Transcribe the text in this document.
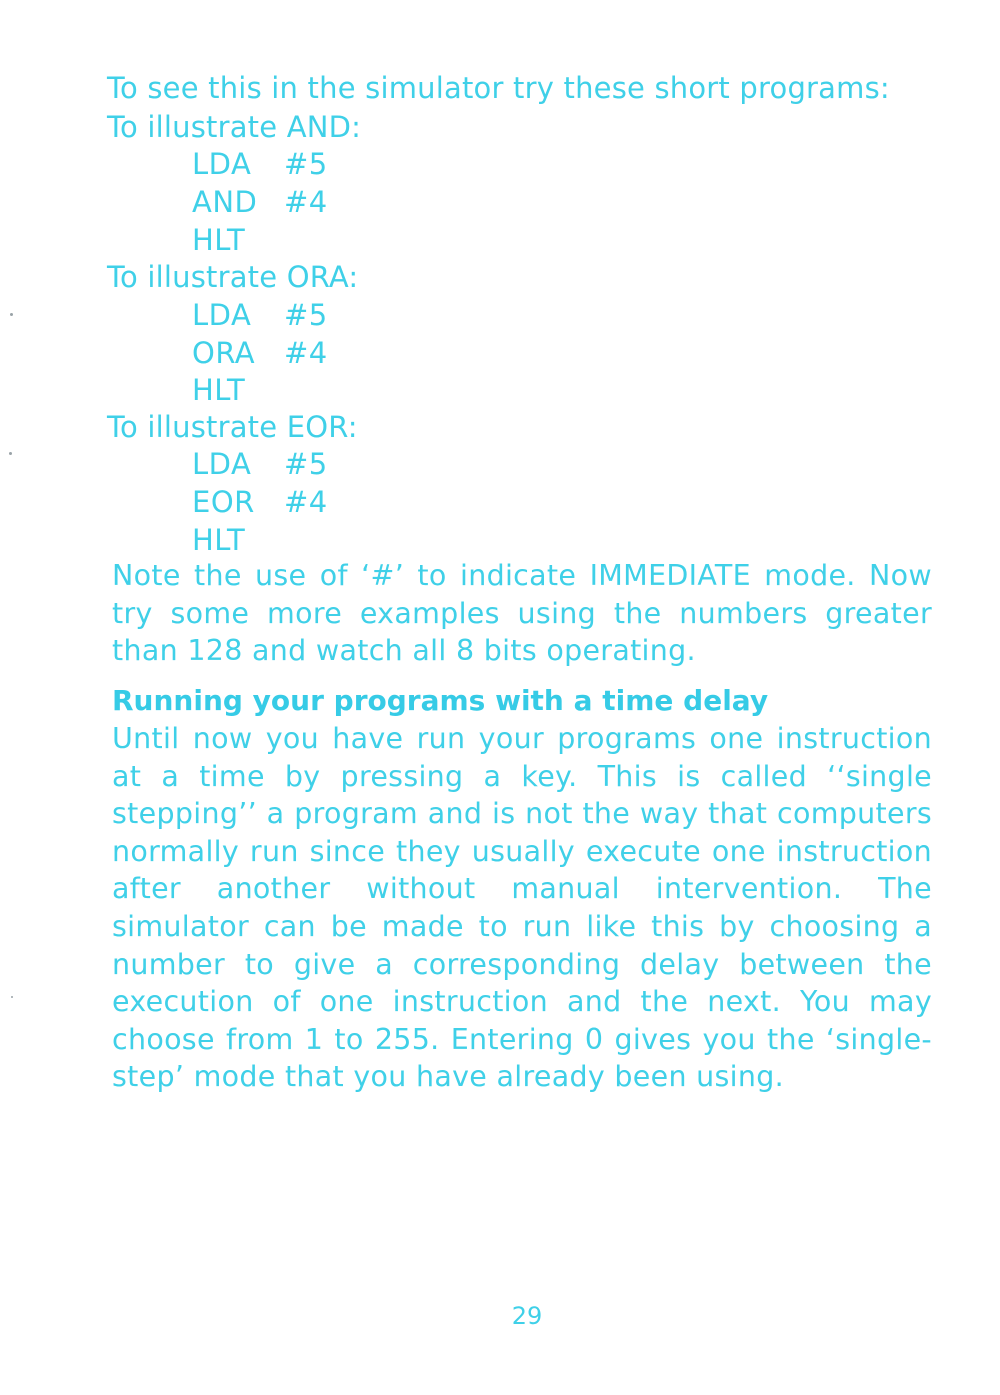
To see this in the simulator try these short programs:
To illustrate AND:
LDA #5
AND #4
HLT
To illustrate ORA:
LDA #5
ORA #4
HLT
To illustrate EOR:
LDA #5
EOR #4
HLT
Note the use of ‘#’ to indicate IMMEDIATE mode. Now try some more examples using the numbers greater than 128 and watch all 8 bits operating.
Running your programs with a time delay
Until now you have run your programs one instruction at a time by pressing a key. This is called ‘‘single stepping’’ a program and is not the way that computers normally run since they usually execute one instruction after another without manual intervention. The simulator can be made to run like this by choosing a number to give a corresponding delay between the execution of one instruction and the next. You may choose from 1 to 255. Entering 0 gives you the ‘single-step’ mode that you have already been using.
29
